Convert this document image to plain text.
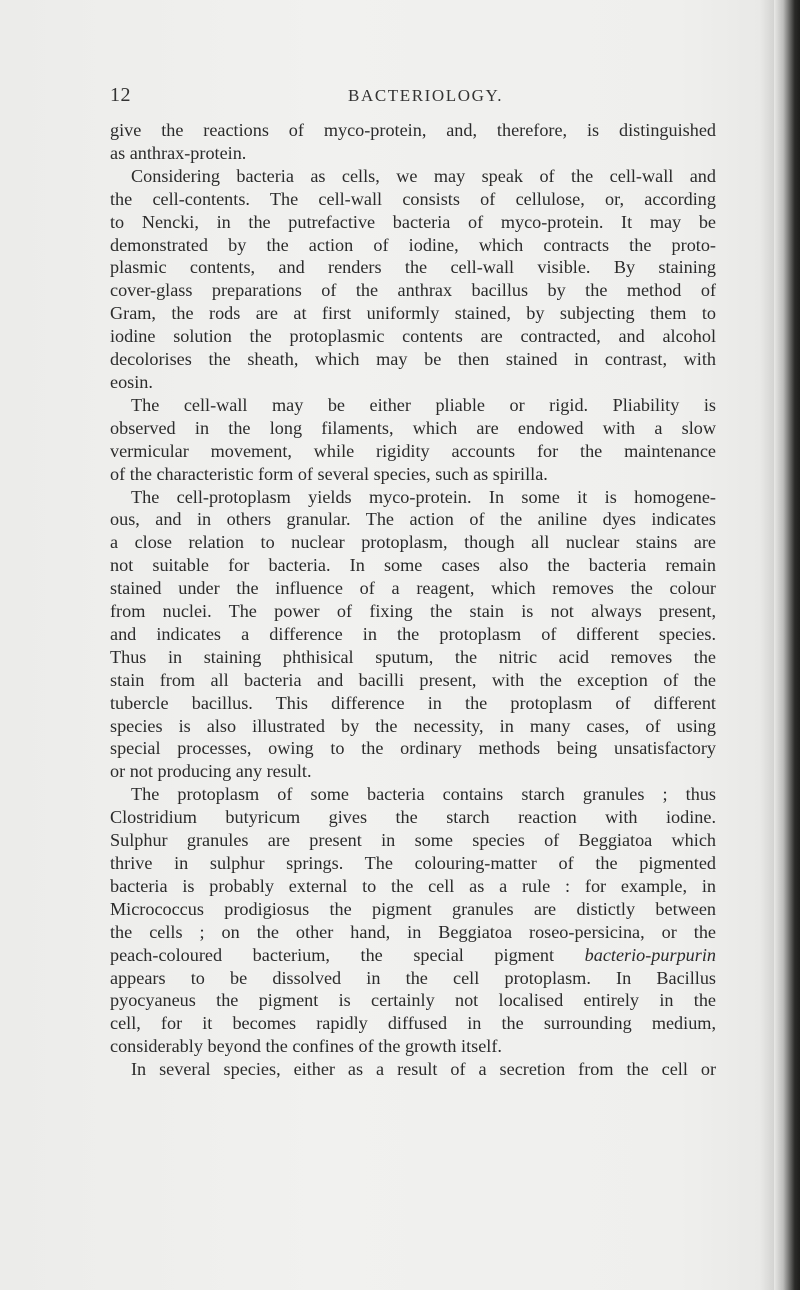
12	BACTERIOLOGY.
give the reactions of myco-protein, and, therefore, is distinguished
as anthrax-protein.
Considering bacteria as cells, we may speak of the cell-wall and
the cell-contents. The cell-wall consists of cellulose, or, according
to Nencki, in the putrefactive bacteria of myco-protein. It may be
demonstrated by the action of iodine, which contracts the proto-
plasmic contents, and renders the cell-wall visible. By staining
cover-glass preparations of the anthrax bacillus by the method of
Gram, the rods are at first uniformly stained, by subjecting them to
iodine solution the protoplasmic contents are contracted, and alcohol
decolorises the sheath, which may be then stained in contrast, with
eosin.
The cell-wall may be either pliable or rigid. Pliability is
observed in the long filaments, which are endowed with a slow
vermicular movement, while rigidity accounts for the maintenance
of the characteristic form of several species, such as spirilla.
The cell-protoplasm yields myco-protein. In some it is homogene-
ous, and in others granular. The action of the aniline dyes indicates
a close relation to nuclear protoplasm, though all nuclear stains are
not suitable for bacteria. In some cases also the bacteria remain
stained under the influence of a reagent, which removes the colour
from nuclei. The power of fixing the stain is not always present,
and indicates a difference in the protoplasm of different species.
Thus in staining phthisical sputum, the nitric acid removes the
stain from all bacteria and bacilli present, with the exception of the
tubercle bacillus. This difference in the protoplasm of different
species is also illustrated by the necessity, in many cases, of using
special processes, owing to the ordinary methods being unsatisfactory
or not producing any result.
The protoplasm of some bacteria contains starch granules ; thus
Clostridium butyricum gives the starch reaction with iodine.
Sulphur granules are present in some species of Beggiatoa which
thrive in sulphur springs. The colouring-matter of the pigmented
bacteria is probably external to the cell as a rule : for example, in
Micrococcus prodigiosus the pigment granules are distictly between
the cells ; on the other hand, in Beggiatoa roseo-persicina, or the
peach-coloured bacterium, the special pigment bacterio-purpurin
appears to be dissolved in the cell protoplasm. In Bacillus
pyocyaneus the pigment is certainly not localised entirely in the
cell, for it becomes rapidly diffused in the surrounding medium,
considerably beyond the confines of the growth itself.
In several species, either as a result of a secretion from the cell or
